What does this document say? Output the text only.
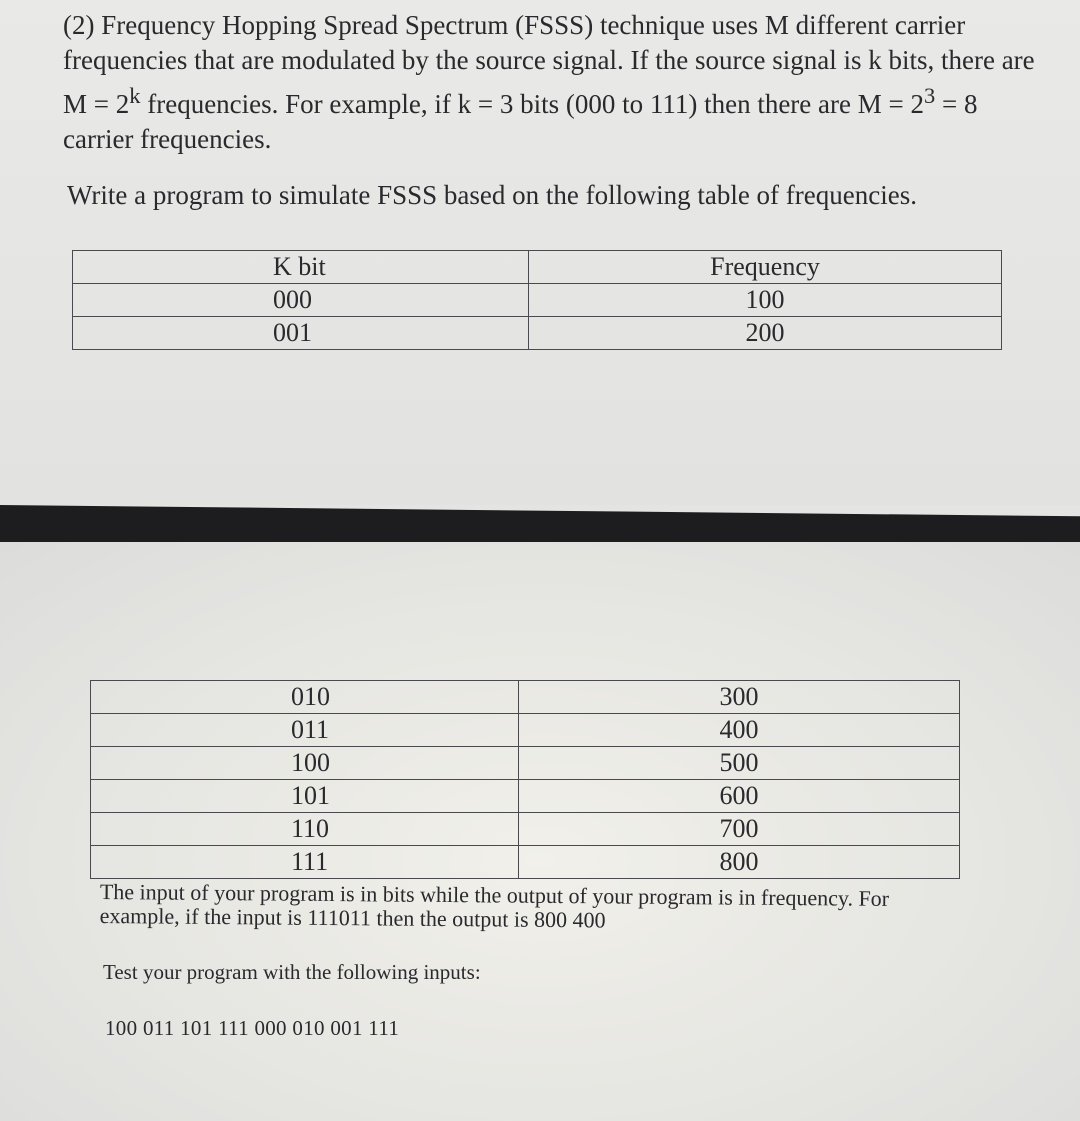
(2) Frequency Hopping Spread Spectrum (FSSS) technique uses M different carrier frequencies that are modulated by the source signal. If the source signal is k bits, there are $M = 2^k$ frequencies. For example, if k = 3 bits (000 to 111) then there are $M = 2^3 = 8$ carrier frequencies.

Write a program to simulate FSSS based on the following table of frequencies.

K bit	Frequency
000	100
001	200
010	300
011	400
100	500
101	600
110	700
111	800

The input of your program is in bits while the output of your program is in frequency. For example, if the input is 111011 then the output is 800 400

Test your program with the following inputs:

100 011 101 111 000 010 001 111
